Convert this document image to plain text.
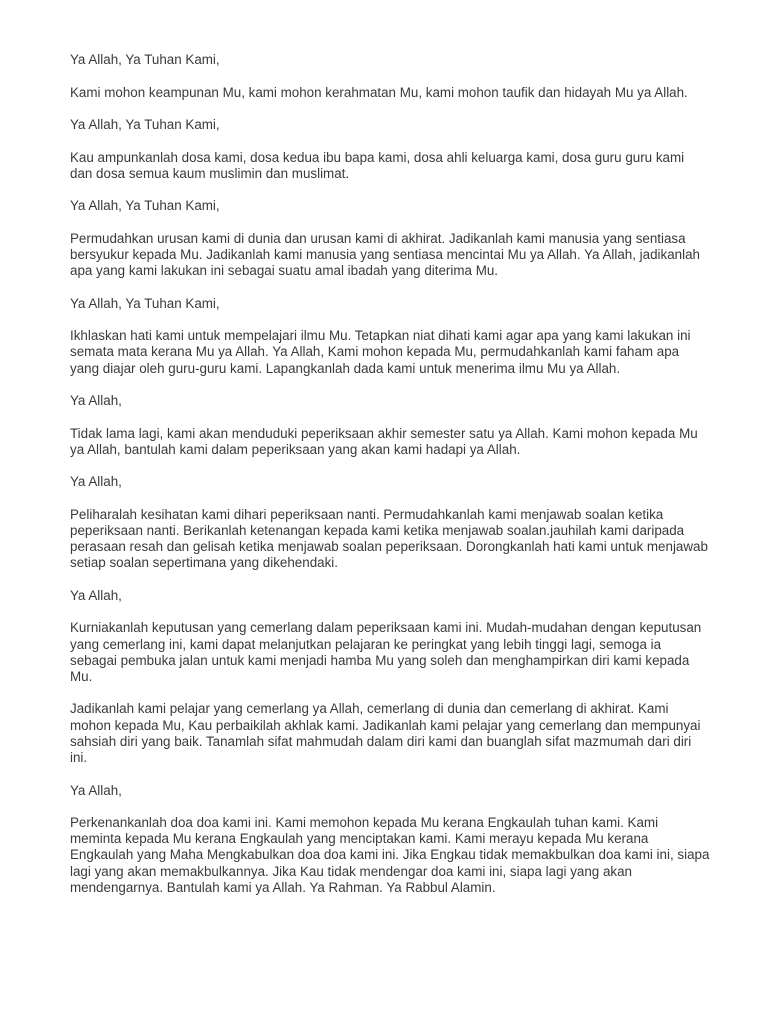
Ya Allah, Ya Tuhan Kami,

Kami mohon keampunan Mu, kami mohon kerahmatan Mu, kami mohon taufik dan hidayah Mu ya Allah.

Ya Allah, Ya Tuhan Kami,

Kau ampunkanlah dosa kami, dosa kedua ibu bapa kami, dosa ahli keluarga kami, dosa guru guru kami dan dosa semua kaum muslimin dan muslimat.

Ya Allah, Ya Tuhan Kami,

Permudahkan urusan kami di dunia dan urusan kami di akhirat. Jadikanlah kami manusia yang sentiasa bersyukur kepada Mu. Jadikanlah kami manusia yang sentiasa mencintai Mu ya Allah. Ya Allah, jadikanlah apa yang kami lakukan ini sebagai suatu amal ibadah yang diterima Mu.

Ya Allah, Ya Tuhan Kami,

Ikhlaskan hati kami untuk mempelajari ilmu Mu. Tetapkan niat dihati kami agar apa yang kami lakukan ini semata mata kerana Mu ya Allah. Ya Allah, Kami mohon kepada Mu, permudahkanlah kami faham apa yang diajar oleh guru-guru kami. Lapangkanlah dada kami untuk menerima ilmu Mu ya Allah.

Ya Allah,

Tidak lama lagi, kami akan menduduki peperiksaan akhir semester satu ya Allah. Kami mohon kepada Mu ya Allah, bantulah kami dalam peperiksaan yang akan kami hadapi ya Allah.

Ya Allah,

Peliharalah kesihatan kami dihari peperiksaan nanti. Permudahkanlah kami menjawab soalan ketika peperiksaan nanti. Berikanlah ketenangan kepada kami ketika menjawab soalan.jauhilah kami daripada perasaan resah dan gelisah ketika menjawab soalan peperiksaan. Dorongkanlah hati kami untuk menjawab setiap soalan sepertimana yang dikehendaki.

Ya Allah,

Kurniakanlah keputusan yang cemerlang dalam peperiksaan kami ini. Mudah-mudahan dengan keputusan yang cemerlang ini, kami dapat melanjutkan pelajaran ke peringkat yang lebih tinggi lagi, semoga ia sebagai pembuka jalan untuk kami menjadi hamba Mu yang soleh dan menghampirkan diri kami kepada Mu.

Jadikanlah kami pelajar yang cemerlang ya Allah, cemerlang di dunia dan cemerlang di akhirat. Kami mohon kepada Mu, Kau perbaikilah akhlak kami. Jadikanlah kami pelajar yang cemerlang dan mempunyai sahsiah diri yang baik. Tanamlah sifat mahmudah dalam diri kami dan buanglah sifat mazmumah dari diri ini.

Ya Allah,

Perkenankanlah doa doa kami ini. Kami memohon kepada Mu kerana Engkaulah tuhan kami. Kami meminta kepada Mu kerana Engkaulah yang menciptakan kami. Kami merayu kepada Mu kerana Engkaulah yang Maha Mengkabulkan doa doa kami ini. Jika Engkau tidak memakbulkan doa kami ini, siapa lagi yang akan memakbulkannya. Jika Kau tidak mendengar doa kami ini, siapa lagi yang akan mendengarnya. Bantulah kami ya Allah. Ya Rahman. Ya Rabbul Alamin.
